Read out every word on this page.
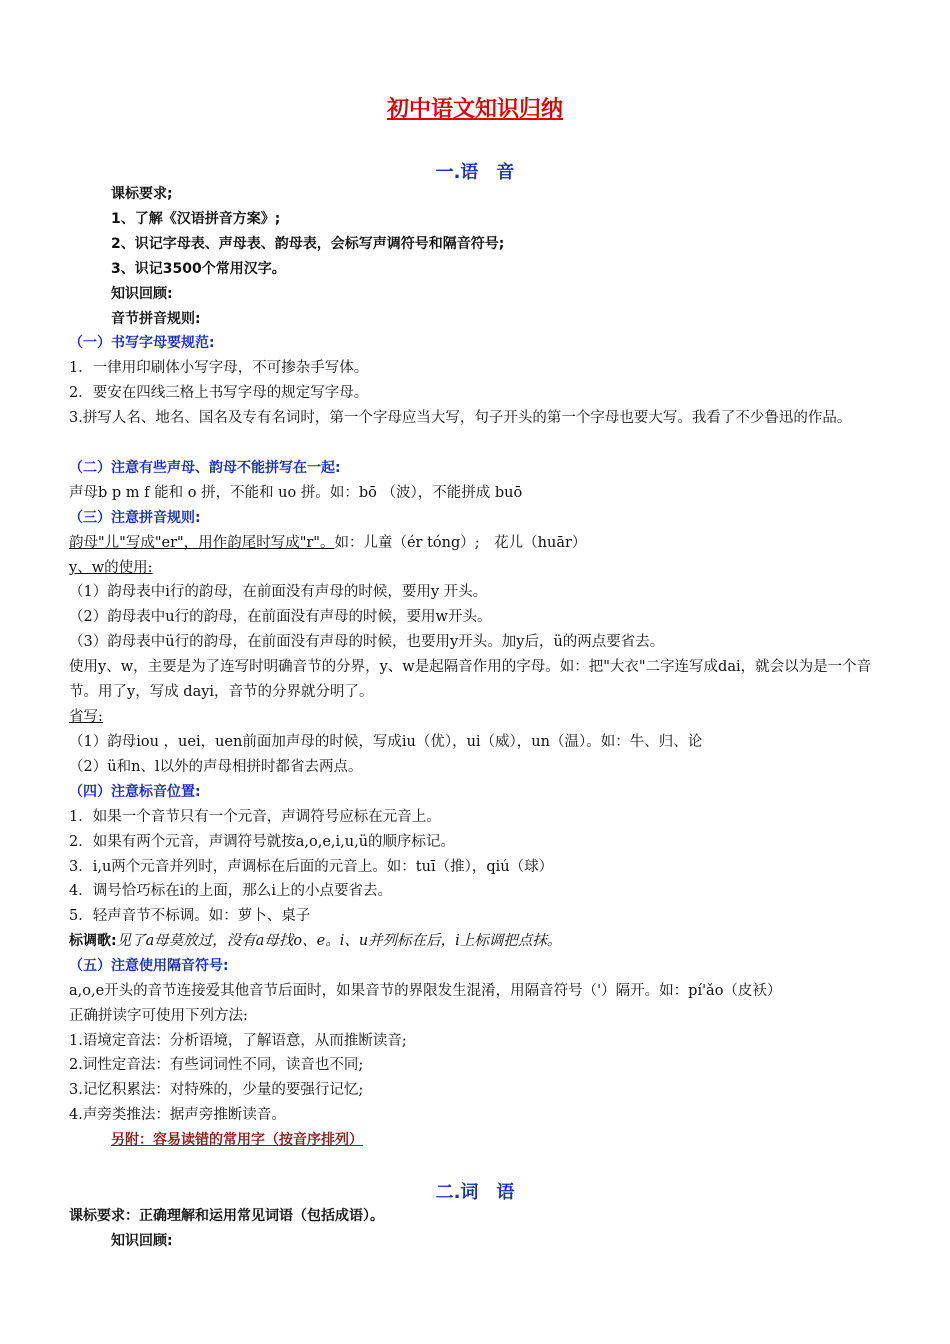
初中语文知识归纳
一.语　音
课标要求;
1、了解《汉语拼音方案》;
2、识记字母表、声母表、韵母表，会标写声调符号和隔音符号;
3、识记3500个常用汉字。
知识回顾:
音节拼音规则:
（一）书写字母要规范:
1．一律用印刷体小写字母，不可掺杂手写体。
2．要安在四线三格上书写字母的规定写字母。
3.拼写人名、地名、国名及专有名词时，第一个字母应当大写，句子开头的第一个字母也要大写。我看了不少鲁迅的作品。
（二）注意有些声母、韵母不能拼写在一起:
声母b p m f 能和 o 拼，不能和 uo 拼。如：bō （波），不能拼成 buō
（三）注意拼音规则:
韵母"儿"写成"er"，用作韵尾时写成"r"。如：儿童（ér tóng）;　花儿（huār）
y、w的使用:
（1）韵母表中i行的韵母，在前面没有声母的时候，要用y 开头。
（2）韵母表中u行的韵母，在前面没有声母的时候，要用w开头。
（3）韵母表中ü行的韵母，在前面没有声母的时候，也要用y开头。加y后，ü的两点要省去。
使用y、w，主要是为了连写时明确音节的分界，y、w是起隔音作用的字母。如：把"大衣"二字连写成dai，就会以为是一个音节。用了y，写成 dayi，音节的分界就分明了。
省写:
（1）韵母iou ，uei，uen前面加声母的时候，写成iu（优），ui（威），un（温）。如：牛、归、论
（2）ü和n、l以外的声母相拼时都省去两点。
（四）注意标音位置:
1．如果一个音节只有一个元音，声调符号应标在元音上。
2．如果有两个元音，声调符号就按a,o,e,i,u,ü的顺序标记。
3．i,u两个元音并列时，声调标在后面的元音上。如：tuī（推），qiú（球）
4．调号恰巧标在i的上面，那么i上的小点要省去。
5．轻声音节不标调。如：萝卜、桌子
标调歌:见了a母莫放过，没有a母找o、e。i、u并列标在后，i上标调把点抹。
（五）注意使用隔音符号:
a,o,e开头的音节连接爱其他音节后面时，如果音节的界限发生混淆，用隔音符号（'）隔开。如：pí'ǎo（皮袄）
正确拼读字可使用下列方法:
1.语境定音法：分析语境，了解语意，从而推断读音;
2.词性定音法：有些词词性不同，读音也不同;
3.记忆积累法：对特殊的，少量的要强行记忆;
4.声旁类推法：据声旁推断读音。
另附：容易读错的常用字（按音序排列）
二.词　语
课标要求：正确理解和运用常见词语（包括成语）。
知识回顾:
